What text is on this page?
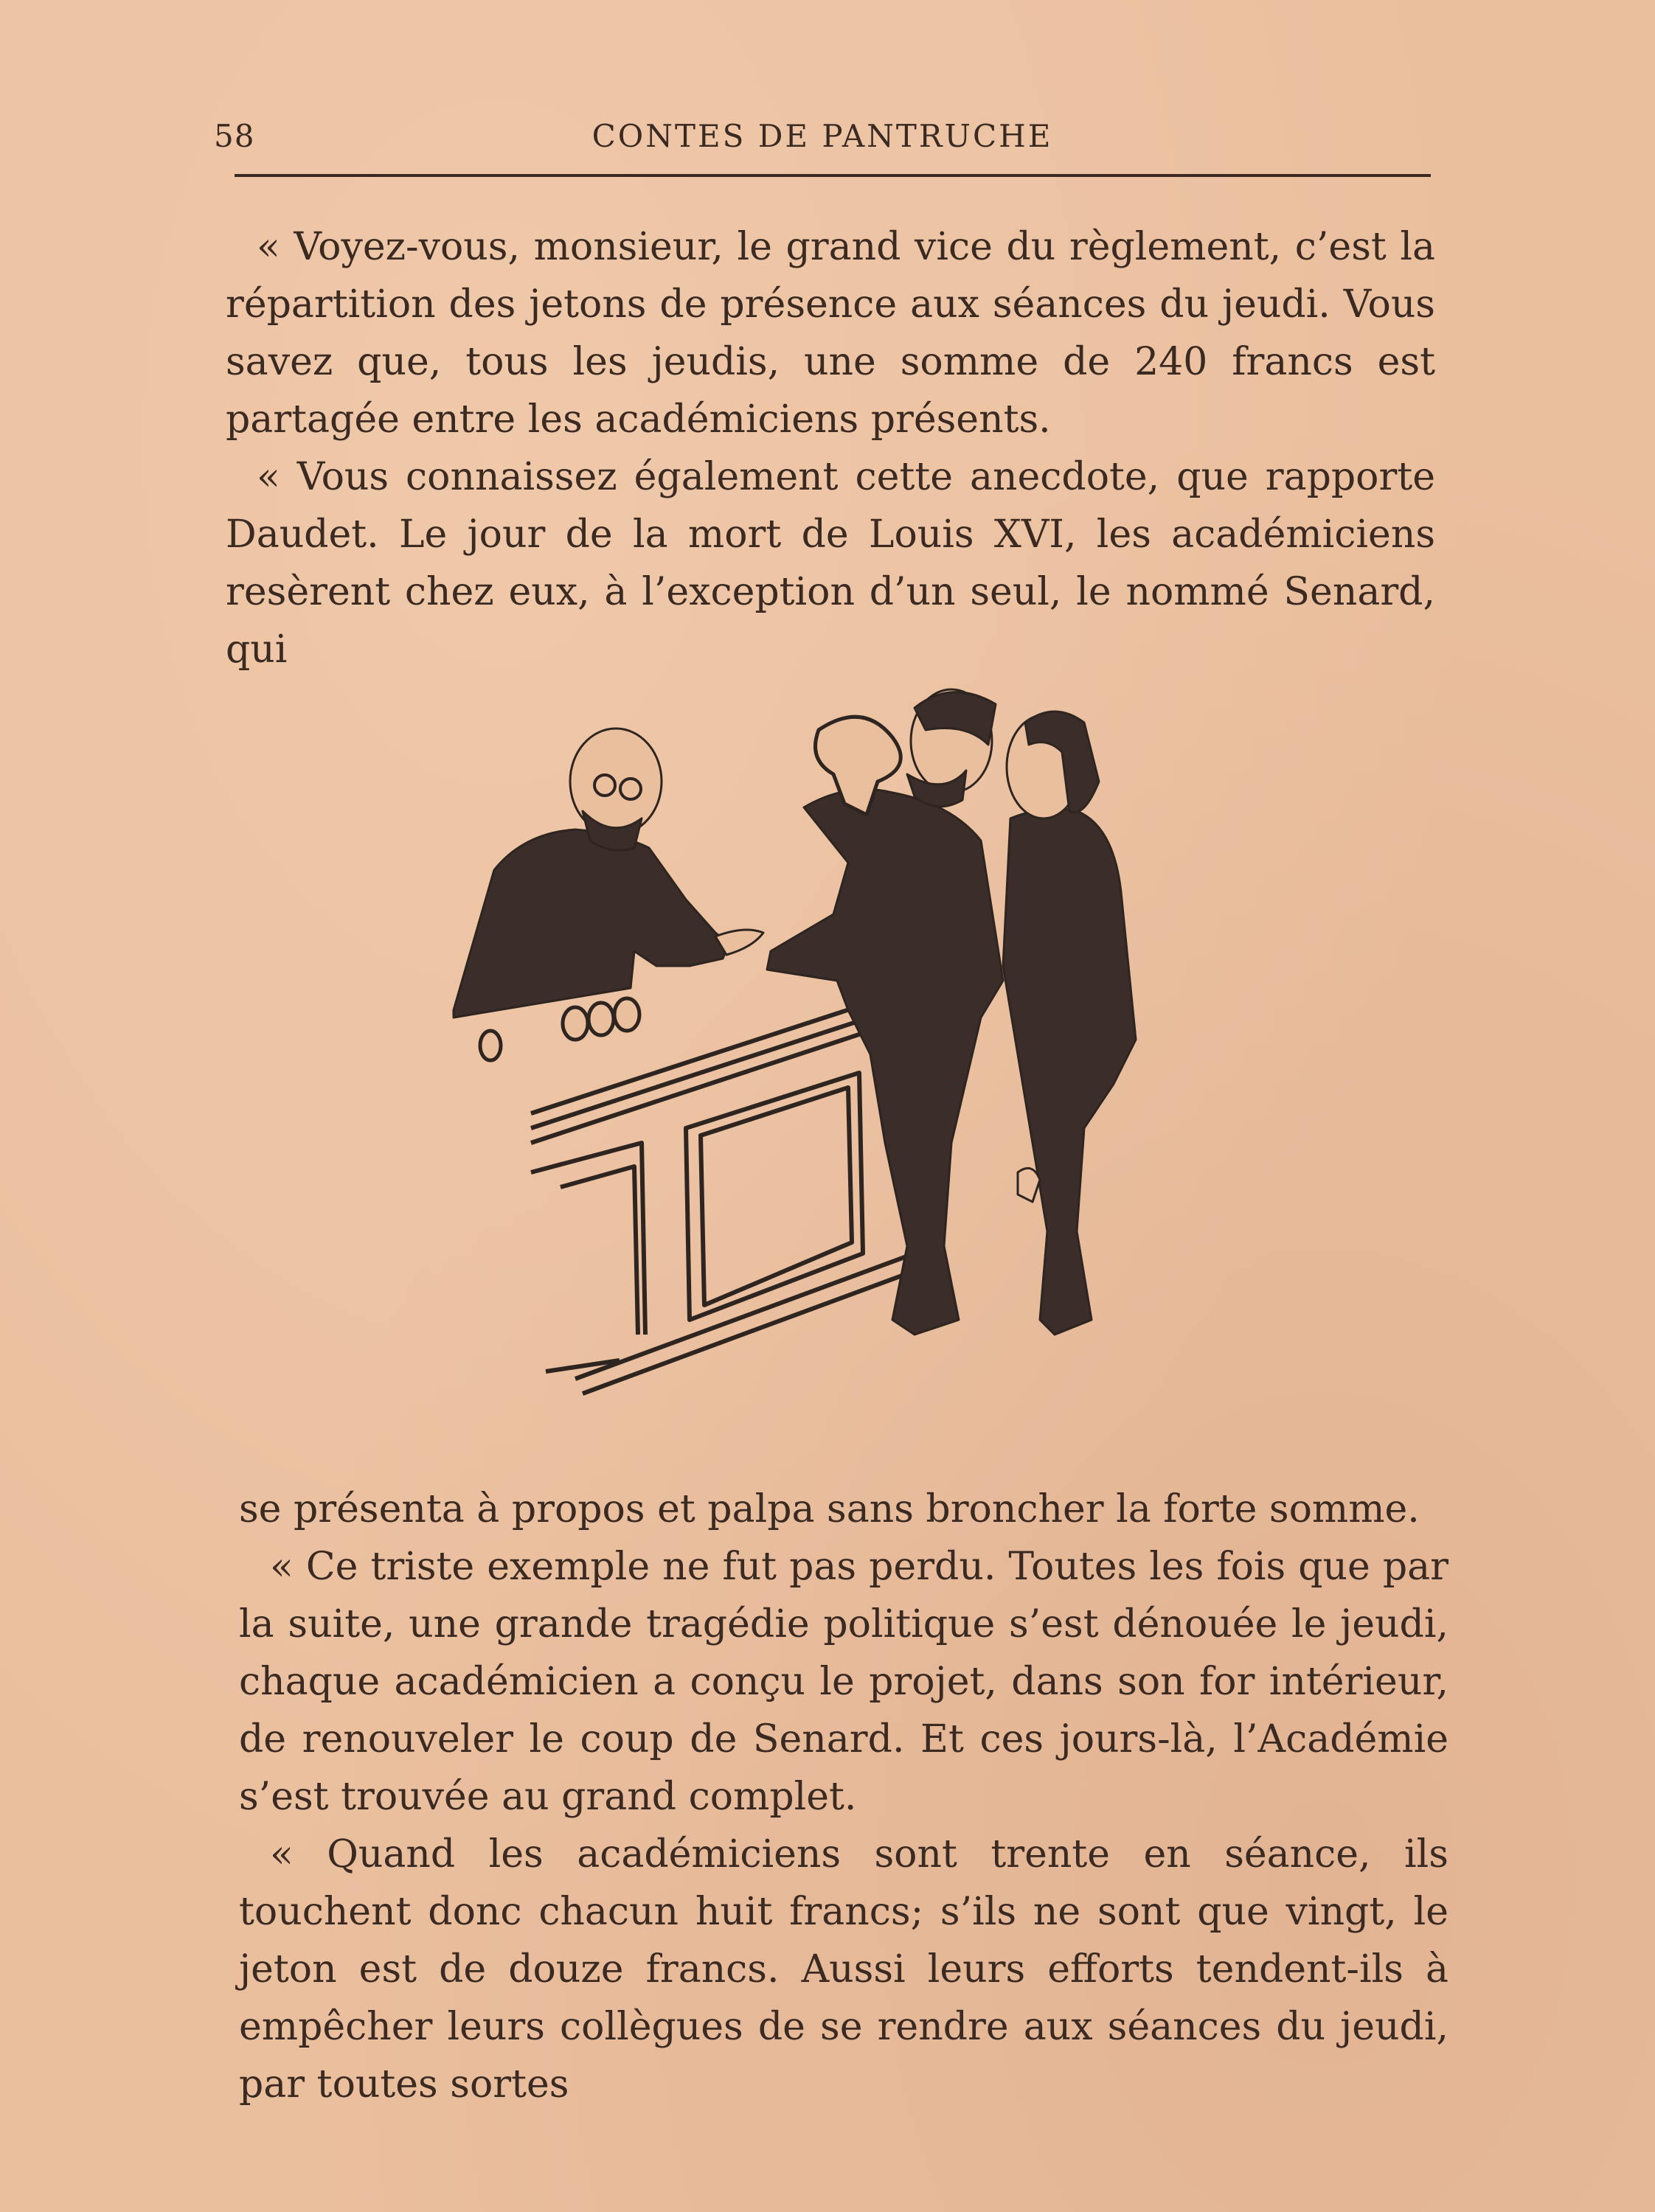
58	CONTES DE PANTRUCHE

« Voyez-vous, monsieur, le grand vice du règlement, c’est la répartition des jetons de présence aux séances du jeudi. Vous savez que, tous les jeudis, une somme de 240 francs est partagée entre les académiciens présents.

« Vous connaissez également cette anecdote, que rapporte Daudet. Le jour de la mort de Louis XVI, les académiciens resèrent chez eux, à l’exception d’un seul, le nommé Senard, qui

se présenta à propos et palpa sans broncher la forte somme.

« Ce triste exemple ne fut pas perdu. Toutes les fois que par la suite, une grande tragédie politique s’est dénouée le jeudi, chaque académicien a conçu le projet, dans son for intérieur, de renouveler le coup de Senard. Et ces jours-là, l’Académie s’est trouvée au grand complet.

« Quand les académiciens sont trente en séance, ils touchent donc chacun huit francs; s’ils ne sont que vingt, le jeton est de douze francs. Aussi leurs efforts tendent-ils à empêcher leurs collègues de se rendre aux séances du jeudi, par toutes sortes
